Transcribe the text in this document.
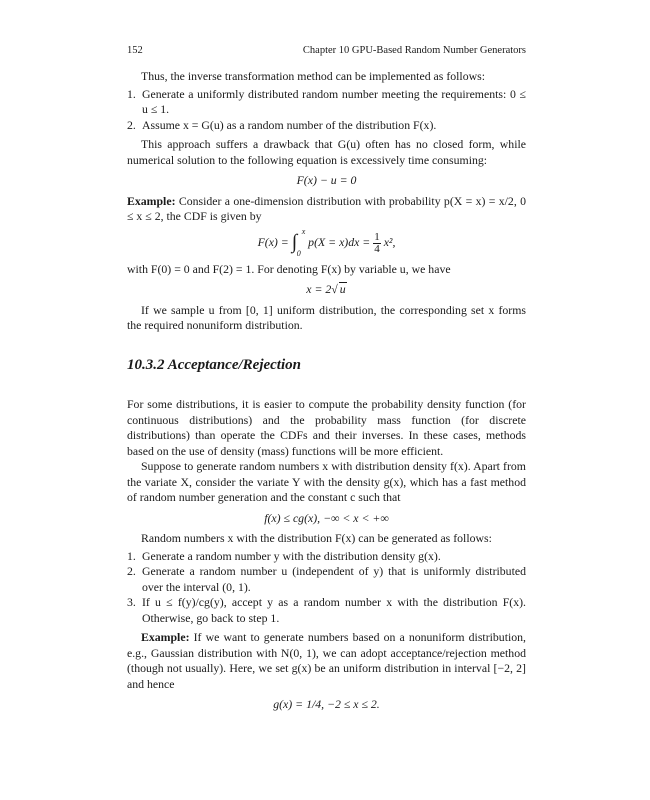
152	Chapter 10 GPU-Based Random Number Generators

Thus, the inverse transformation method can be implemented as follows:

1. Generate a uniformly distributed random number meeting the requirements: 0 ≤ u ≤ 1.
2. Assume x = G(u) as a random number of the distribution F(x).

This approach suffers a drawback that G(u) often has no closed form, while numerical solution to the following equation is excessively time consuming:

F(x) − u = 0

Example: Consider a one-dimension distribution with probability p(X = x) = x/2, 0 ≤ x ≤ 2, the CDF is given by

F(x) = ∫ x
0
$p(X = x)dx = \frac{1}{4} x^2$,

with F(0) = 0 and F(2) = 1. For denoting F(x) by variable u, we have

x = 2√ u

If we sample u from [0, 1] uniform distribution, the corresponding set x forms the required nonuniform distribution.

10.3.2 Acceptance/Rejection

For some distributions, it is easier to compute the probability density function (for continuous distributions) and the probability mass function (for discrete distributions) than operate the CDFs and their inverses. In these cases, methods based on the use of density (mass) functions will be more efficient.

Suppose to generate random numbers x with distribution density f(x). Apart from the variate X, consider the variate Y with the density g(x), which has a fast method of random number generation and the constant c such that

f(x) ≤ cg(x), −∞ < x < +∞

Random numbers x with the distribution F(x) can be generated as follows:

1. Generate a random number y with the distribution density g(x).
2. Generate a random number u (independent of y) that is uniformly distributed over the interval (0, 1).
3. If u ≤ f(y)/cg(y), accept y as a random number x with the distribution F(x). Otherwise, go back to step 1.

Example: If we want to generate numbers based on a nonuniform distribution, e.g., Gaussian distribution with N(0, 1), we can adopt acceptance/rejection method (though not usually). Here, we set g(x) be an uniform distribution in interval [−2, 2] and hence

g(x) = 1/4, −2 ≤ x ≤ 2.
